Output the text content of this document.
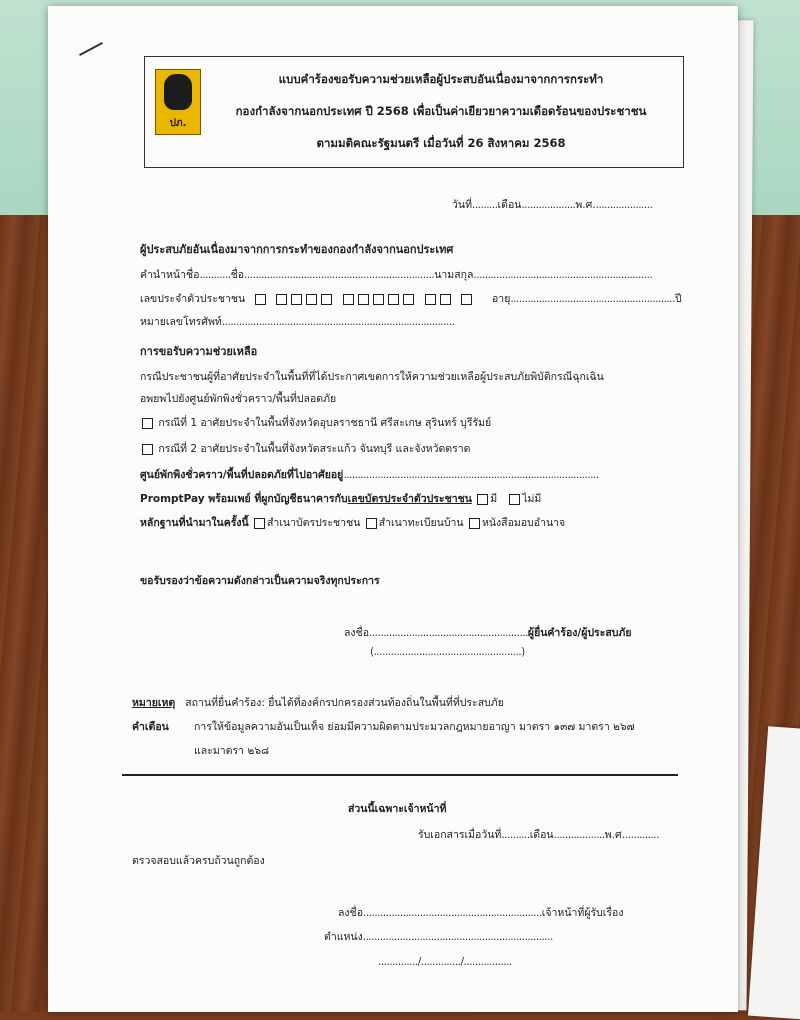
ปภ.
แบบคำร้องขอรับความช่วยเหลือผู้ประสบอันเนื่องมาจากการกระทำ
กองกำลังจากนอกประเทศ ปี 2568 เพื่อเป็นค่าเยียวยาความเดือดร้อนของประชาชน
ตามมติคณะรัฐมนตรี เมื่อวันที่ 26 สิงหาคม 2568
วันที่.........เดือน...................พ.ศ.....................
ผู้ประสบภัยอันเนื่องมาจากการกระทำของกองกำลังจากนอกประเทศ
คำนำหน้าชื่อ...........ชื่อ...................................................................นามสกุล...............................................................
เลขประจำตัวประชาชน	อายุ..........................................................ปี
หมายเลขโทรศัพท์..................................................................................
การขอรับความช่วยเหลือ
กรณีประชาชนผู้ที่อาศัยประจำในพื้นที่ที่ได้ประกาศเขตการให้ความช่วยเหลือผู้ประสบภัยพิบัติกรณีฉุกเฉิน
อพยพไปยังศูนย์พักพิงชั่วคราว/พื้นที่ปลอดภัย
กรณีที่ 1 อาศัยประจำในพื้นที่จังหวัดอุบลราชธานี ศรีสะเกษ สุรินทร์ บุรีรัมย์
กรณีที่ 2 อาศัยประจำในพื้นที่จังหวัดสระแก้ว จันทบุรี และจังหวัดตราด
ศูนย์พักพิงชั่วคราว/พื้นที่ปลอดภัยที่ไปอาศัยอยู่..........................................................................................
PromptPay พร้อมเพย์ ที่ผูกบัญชีธนาคารกับเลขบัตรประจำตัวประชาชน มี ไม่มี
หลักฐานที่นำมาในครั้งนี้ สำเนาบัตรประชาชน สำเนาทะเบียนบ้าน หนังสือมอบอำนาจ
ขอรับรองว่าข้อความดังกล่าวเป็นความจริงทุกประการ
ลงชื่อ........................................................ผู้ยื่นคำร้อง/ผู้ประสบภัย
(....................................................)
หมายเหตุ สถานที่ยื่นคำร้อง: ยื่นได้ที่องค์กรปกครองส่วนท้องถิ่นในพื้นที่ที่ประสบภัย
คำเตือน การให้ข้อมูลความอันเป็นเท็จ ย่อมมีความผิดตามประมวลกฎหมายอาญา มาตรา ๑๓๗ มาตรา ๒๖๗
และมาตรา ๒๖๘
ส่วนนี้เฉพาะเจ้าหน้าที่
รับเอกสารเมื่อวันที่..........เดือน..................พ.ศ.............
ตรวจสอบแล้วครบถ้วนถูกต้อง
ลงชื่อ...............................................................เจ้าหน้าที่ผู้รับเรื่อง
ตำแหน่ง...................................................................
............../............../.................
